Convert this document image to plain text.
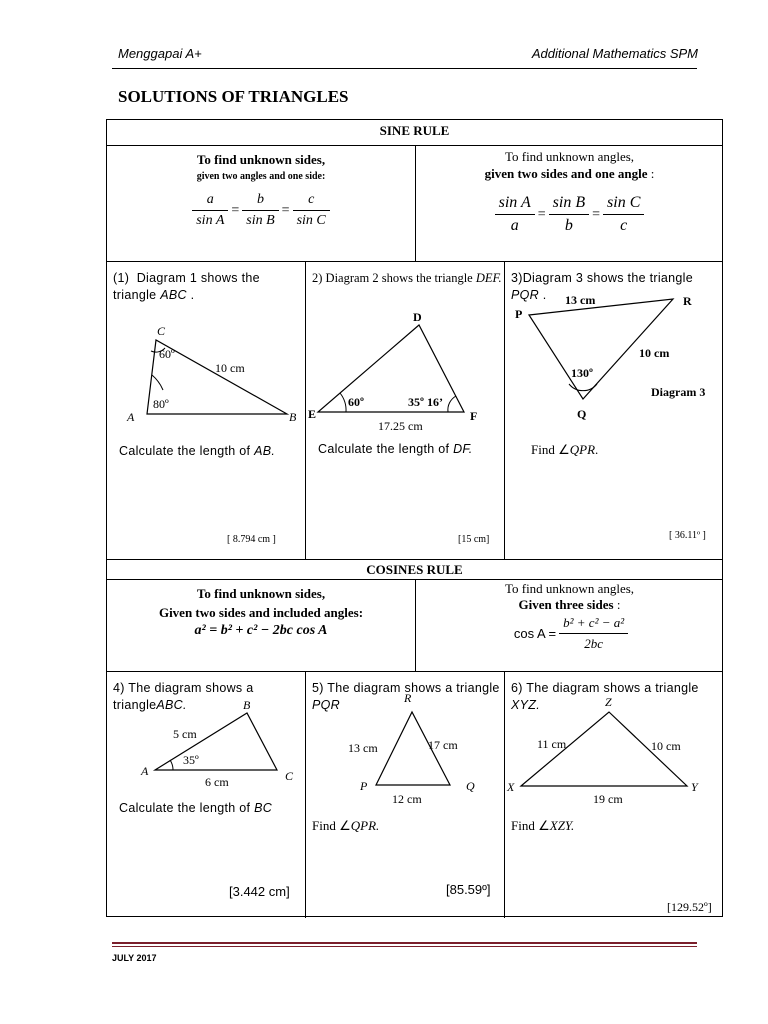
Menggapai A+	Additional Mathematics SPM
SOLUTIONS OF TRIANGLES
SINE RULE
To find unknown sides,
given two angles and one side:
$\frac{a}{\text{sin A}} = \frac{b}{\text{sin B}} = \frac{c}{\text{sin C}}$
To find unknown angles,
given two sides and one angle :
$\frac{\text{sin A}}{a} = \frac{\text{sin B}}{b} = \frac{\text{sin C}}{c}$
(1) Diagram 1 shows the triangle ABC .
C
60º
10 cm
80º
A	B
Calculate the length of AB.
[ 8.794 cm ]
2) Diagram 2 shows the triangle DEF.
D
E	F
60º	35º 16’
17.25 cm
Calculate the length of DF.
[15 cm]
3)Diagram 3 shows the triangle PQR .
P
R
Q
13 cm
10 cm
130º
Diagram 3
Find ∠QPR.
[ 36.11º ]
COSINES RULE
To find unknown sides,
Given two sides and included angles:
a² = b² + c² − 2bc cos A
To find unknown angles,
Given three sides :
$\cos A = \frac{\text{b² + c² − a²}}{2bc}$
4) The diagram shows a triangleABC.	B
A	C
5 cm
35º
6 cm
Calculate the length of BC
[3.442 cm]
5) The diagram shows a triangle PQR	R
P	Q
13 cm	17 cm
12 cm
Find ∠QPR.
[85.59º]
6) The diagram shows a triangle XYZ.	Z
X	Y
11 cm	10 cm
19 cm
Find ∠XZY.
[129.52º]
JULY 2017
